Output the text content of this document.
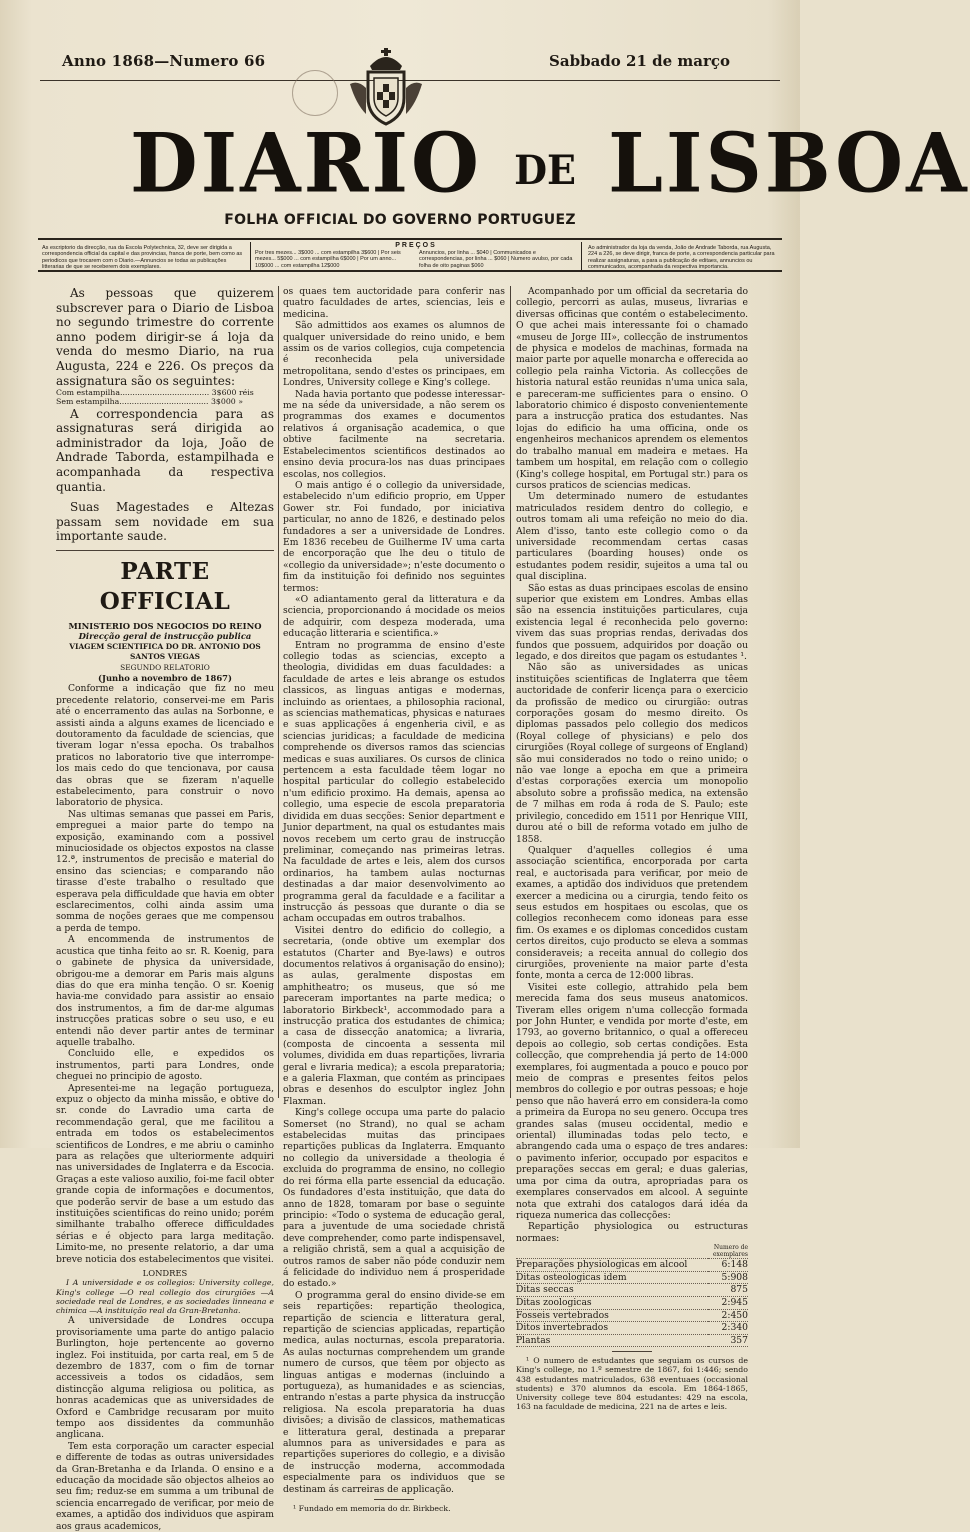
Anno 1868—Numero 66	Sabbado 21 de março
DIARIO DE LISBOA
FOLHA OFFICIAL DO GOVERNO PORTUGUEZ
As escriptorio da direcção, rua da Escola Polytechnica, 32, deve ser dirigida a correspondencia official da capital e das provincias, franca de porte, bem como as periodicos que trocarem com o Diario.—Annuncios se todas as publicações litterarias de que se receberem dois exemplares.
PREÇOS
Por tres mezes... 3$000 ... com estampilha 3$600 | Por seis mezes... 5$000 ... com estampilha 6$000 | Por um anno... 10$000 ... com estampilha 12$000
Annuncios, por linha ... $040 | Communicados e correspondencias, por linha ... $060 | Numero avulso, por cada folha de oito paginas $060
Ao administrador da loja da venda, João de Andrade Taborda, rua Augusta, 224 a 226, se deve dirigir, franca de porte, a correspondencia particular para realizar assignaturas, a para a publicação de editaes, annuncios ou communicados, acompanhada da respectiva importancia.

As pessoas que quizerem subscrever para o Diario de Lisboa no segundo trimestre do corrente anno podem dirigir-se á loja da venda do mesmo Diario, na rua Augusta, 224 e 226. Os preços da assignatura são os seguintes:

Com estampilha.................................... 3$600 réis

Sem estampilha.................................... 3$000 »

A correspondencia para as assignaturas será dirigida ao administrador da loja, João de Andrade Taborda, estampilhada e acompanhada da respectiva quantia.

Suas Magestades e Altezas passam sem novidade em sua importante saude.

PARTE OFFICIAL

MINISTERIO DOS NEGOCIOS DO REINO

Direcção geral de instrucção publica

VIAGEM SCIENTIFICA DO DR. ANTONIO DOS SANTOS VIEGAS

SEGUNDO RELATORIO

(Junho a novembro de 1867)

Conforme a indicação que fiz no meu precedente relatorio, conservei-me em Paris até o encerramento das aulas na Sorbonne, e assisti ainda a alguns exames de licenciado e doutoramento da faculdade de sciencias, que tiveram logar n'essa epocha. Os trabalhos praticos no laboratorio tive que interrompe-los mais cedo do que tencionava, por causa das obras que se fizeram n'aquelle estabelecimento, para construir o novo laboratorio de physica.

Nas ultimas semanas que passei em Paris, empreguei a maior parte do tempo na exposição, examinando com a possivel minuciosidade os objectos expostos na classe 12.ª, instrumentos de precisão e material do ensino das sciencias; e comparando não tirasse d'este trabalho o resultado que esperava pela difficuldade que havia em obter esclarecimentos, colhi ainda assim uma somma de noções geraes que me compensou a perda de tempo.

A encommenda de instrumentos de acustica que tinha feito ao sr. R. Koenig, para o gabinete de physica da universidade, obrigou-me a demorar em Paris mais alguns dias do que era minha tenção. O sr. Koenig havia-me convidado para assistir ao ensaio dos instrumentos, a fim de dar-me algumas instrucções praticas sobre o seu uso, e eu entendi não dever partir antes de terminar aquelle trabalho.

Concluido elle, e expedidos os instrumentos, parti para Londres, onde cheguei no principio de agosto.

Apresentei-me na legação portugueza, expuz o objecto da minha missão, e obtive do sr. conde do Lavradio uma carta de recommendação geral, que me facilitou a entrada em todos os estabelecimentos scientificos de Londres, e me abriu o caminho para as relações que ulteriormente adquiri nas universidades de Inglaterra e da Escocia. Graças a este valioso auxilio, foi-me facil obter grande copia de informações e documentos, que poderão servir de base a um estudo das instituições scientificas do reino unido; porém similhante trabalho offerece difficuldades sérias e é objecto para larga meditação. Limito-me, no presente relatorio, a dar uma breve noticia dos estabelecimentos que visitei.

LONDRES

I A universidade e os collegios: University college, King's college —O real collegio dos cirurgiões —A sociedade real de Londres, e as sociedades linneana e chimica —A instituição real da Gran-Bretanha.

A universidade de Londres occupa provisoriamente uma parte do antigo palacio Burlington, hoje pertencente ao governo inglez. Foi instituida, por carta real, em 5 de dezembro de 1837, com o fim de tornar accessiveis a todos os cidadãos, sem distincção alguma religiosa ou politica, as honras academicas que as universidades de Oxford e Cambridge recusaram por muito tempo aos dissidentes da communhão anglicana.

Tem esta corporação um caracter especial e differente de todas as outras universidades da Gran-Bretanha e da Irlanda. O ensino e a educação da mocidade são objectos alheios ao seu fim; reduz-se em summa a um tribunal de sciencia encarregado de verificar, por meio de exames, a aptidão dos individuos que aspiram aos graus academicos,

os quaes tem auctoridade para conferir nas quatro faculdades de artes, sciencias, leis e medicina.

São admittidos aos exames os alumnos de qualquer universidade do reino unido, e bem assim os de varios collegios, cuja competencia é reconhecida pela universidade metropolitana, sendo d'estes os principaes, em Londres, University college e King's college.

Nada havia portanto que podesse interessar-me na séde da universidade, a não serem os programmas dos exames e documentos relativos á organisação academica, o que obtive facilmente na secretaria. Estabelecimentos scientificos destinados ao ensino devia procura-los nas duas principaes escolas, nos collegios.

O mais antigo é o collegio da universidade, estabelecido n'um edificio proprio, em Upper Gower str. Foi fundado, por iniciativa particular, no anno de 1826, e destinado pelos fundadores a ser a universidade de Londres. Em 1836 recebeu de Guilherme IV uma carta de encorporação que lhe deu o titulo de «collegio da universidade»; n'este documento o fim da instituição foi definido nos seguintes termos:

«O adiantamento geral da litteratura e da sciencia, proporcionando á mocidade os meios de adquirir, com despeza moderada, uma educação litteraria e scientifica.»

Entram no programma de ensino d'este collegio todas as sciencias, excepto a theologia, divididas em duas faculdades: a faculdade de artes e leis abrange os estudos classicos, as linguas antigas e modernas, incluindo as orientaes, a philosophia racional, as sciencias mathematicas, physicas e naturaes e suas applicações á engenheria civil, e as sciencias juridicas; a faculdade de medicina comprehende os diversos ramos das sciencias medicas e suas auxiliares. Os cursos de clinica pertencem a esta faculdade têem logar no hospital particular do collegio estabelecido n'um edificio proximo. Ha demais, apensa ao collegio, uma especie de escola preparatoria dividida em duas secções: Senior department e Junior department, na qual os estudantes mais novos recebem um certo grau de instrucção preliminar, começando nas primeiras letras. Na faculdade de artes e leis, alem dos cursos ordinarios, ha tambem aulas nocturnas destinadas a dar maior desenvolvimento ao programma geral da faculdade e a facilitar a instrucção ás pessoas que durante o dia se acham occupadas em outros trabalhos.

Visitei dentro do edificio do collegio, a secretaria, (onde obtive um exemplar dos estatutos (Charter and Bye-laws) e outros documentos relativos á organisação do ensino); as aulas, geralmente dispostas em amphitheatro; os museus, que só me pareceram importantes na parte medica; o laboratorio Birkbeck¹, accommodado para a instrucção pratica dos estudantes de chimica; a casa de dissecção anatomica; a livraria, (composta de cincoenta a sessenta mil volumes, dividida em duas repartições, livraria geral e livraria medica); a escola preparatoria; e a galeria Flaxman, que contém as principaes obras e desenhos do esculptor inglez John Flaxman.

King's college occupa uma parte do palacio Somerset (no Strand), no qual se acham estabelecidas muitas das principaes repartições publicas da Inglaterra. Emquanto no collegio da universidade a theologia é excluida do programma de ensino, no collegio do rei fórma ella parte essencial da educação. Os fundadores d'esta instituição, que data do anno de 1828, tomaram por base o seguinte principio: «Todo o systema de educação geral, para a juventude de uma sociedade christã deve comprehender, como parte indispensavel, a religião christã, sem a qual a acquisição de outros ramos de saber não póde conduzir nem á felicidade do individuo nem á prosperidade do estado.»

O programma geral do ensino divide-se em seis repartições: repartição theologica, repartição de sciencia e litteratura geral, repartição de sciencias applicadas, repartição medica, aulas nocturnas, escola preparatoria. As aulas nocturnas comprehendem um grande numero de cursos, que têem por objecto as linguas antigas e modernas (incluindo a portugueza), as humanidades e as sciencias, entrando n'estas a parte physica da instrucção religiosa. Na escola preparatoria ha duas divisões; a divisão de classicos, mathematicas e litteratura geral, destinada a preparar alumnos para as universidades e para as repartições superiores do collegio, e a divisão de instrucção moderna, accommodada especialmente para os individuos que se destinam ás carreiras de applicação.

¹ Fundado em memoria do dr. Birkbeck.

Acompanhado por um official da secretaria do collegio, percorri as aulas, museus, livrarias e diversas officinas que contém o estabelecimento. O que achei mais interessante foi o chamado «museu de Jorge III», collecção de instrumentos de physica e modelos de machinas, formada na maior parte por aquelle monarcha e offerecida ao collegio pela rainha Victoria. As collecções de historia natural estão reunidas n'uma unica sala, e pareceram-me sufficientes para o ensino. O laboratorio chimico é disposto convenientemente para a instrucção pratica dos estudantes. Nas lojas do edificio ha uma officina, onde os engenheiros mechanicos aprendem os elementos do trabalho manual em madeira e metaes. Ha tambem um hospital, em relação com o collegio (King's college hospital, em Portugal str.) para os cursos praticos de sciencias medicas.

Um determinado numero de estudantes matriculados residem dentro do collegio, e outros tomam ali uma refeição no meio do dia. Alem d'isso, tanto este collegio como o da universidade recommendam certas casas particulares (boarding houses) onde os estudantes podem residir, sujeitos a uma tal ou qual disciplina.

São estas as duas principaes escolas de ensino superior que existem em Londres. Ambas ellas são na essencia instituições particulares, cuja existencia legal é reconhecida pelo governo: vivem das suas proprias rendas, derivadas dos fundos que possuem, adquiridos por doação ou legado, e dos direitos que pagam os estudantes ¹.

Não são as universidades as unicas instituições scientificas de Inglaterra que têem auctoridade de conferir licença para o exercicio da profissão de medico ou cirurgião: outras corporações gosam do mesmo direito. Os diplomas passados pelo collegio dos medicos (Royal college of physicians) e pelo dos cirurgiões (Royal college of surgeons of England) são mui considerados no todo o reino unido; o não vae longe a epocha em que a primeira d'estas corporações exercia um monopolio absoluto sobre a profissão medica, na extensão de 7 milhas em roda á roda de S. Paulo; este privilegio, concedido em 1511 por Henrique VIII, durou até o bill de reforma votado em julho de 1858.

Qualquer d'aquelles collegios é uma associação scientifica, encorporada por carta real, e auctorisada para verificar, por meio de exames, a aptidão dos individuos que pretendem exercer a medicina ou a cirurgia, tendo feito os seus estudos em hospitaes ou escolas, que os collegios reconhecem como idoneas para esse fim. Os exames e os diplomas concedidos custam certos direitos, cujo producto se eleva a sommas consideraveis; a receita annual do collegio dos cirurgiões, proveniente na maior parte d'esta fonte, monta a cerca de 12:000 libras.

Visitei este collegio, attrahido pela bem merecida fama dos seus museus anatomicos. Tiveram elles origem n'uma collecção formada por John Hunter, e vendida por morte d'este, em 1793, ao governo britannico, o qual a offereceu depois ao collegio, sob certas condições. Esta collecção, que comprehendia já perto de 14:000 exemplares, foi augmentada a pouco e pouco por meio de compras e presentes feitos pelos membros do collegio e por outras pessoas; e hoje penso que não haverá erro em considera-la como a primeira da Europa no seu genero. Occupa tres grandes salas (museu occidental, medio e oriental) illuminadas todas pelo tecto, e abrangendo cada uma o espaço de tres andares: o pavimento inferior, occupado por espacitos e preparações seccas em geral; e duas galerias, uma por cima da outra, apropriadas para os exemplares conservados em alcool. A seguinte nota que extrahi dos catalogos dará idéa da riqueza numerica das collecções:

Repartição physiologica ou estructuras normaes:

	Numero de exemplares
Preparações physiologicas em alcool	6:148
Ditas osteologicas idem	5:908
Ditas seccas	875
Ditas zoologicas	2:945
Fosseis vertebrados	2:450
Ditos invertebrados	2:340
Plantas	357

¹ O numero de estudantes que seguiam os cursos de King's college, no 1.º semestre de 1867, foi 1:446; sendo 438 estudantes matriculados, 638 eventuaes (occasional students) e 370 alumnos da escola. Em 1864-1865, University college teve 804 estudantes: 429 na escola, 163 na faculdade de medicina, 221 na de artes e leis.
